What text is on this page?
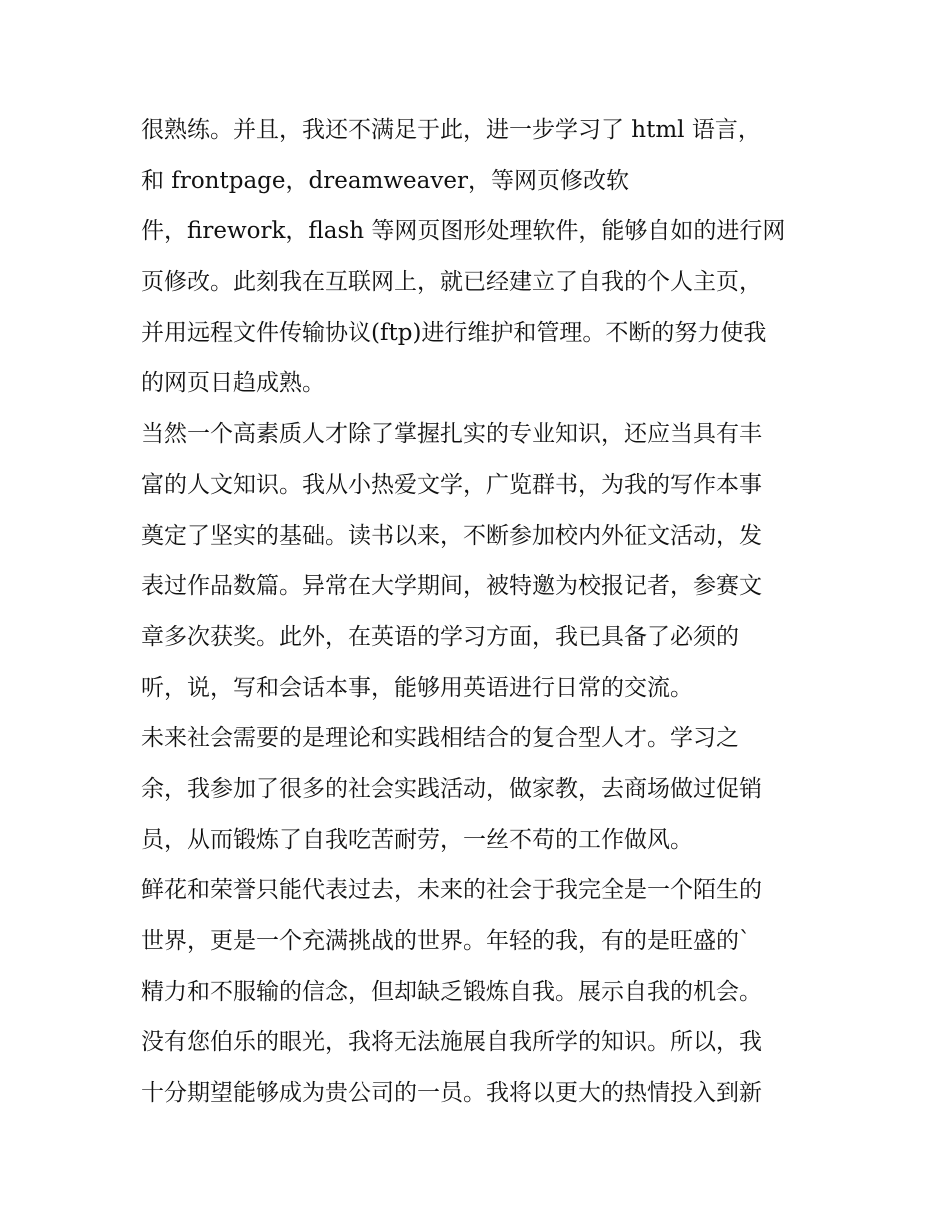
很熟练。并且，我还不满足于此，进一步学习了 html 语言，
和 frontpage，dreamweaver，等网页修改软
件，firework，flash 等网页图形处理软件，能够自如的进行网
页修改。此刻我在互联网上，就已经建立了自我的个人主页，
并用远程文件传输协议(ftp)进行维护和管理。不断的努力使我
的网页日趋成熟。
当然一个高素质人才除了掌握扎实的专业知识，还应当具有丰
富的人文知识。我从小热爱文学，广览群书，为我的写作本事
奠定了坚实的基础。读书以来，不断参加校内外征文活动，发
表过作品数篇。异常在大学期间，被特邀为校报记者，参赛文
章多次获奖。此外，在英语的学习方面，我已具备了必须的
听，说，写和会话本事，能够用英语进行日常的交流。
未来社会需要的是理论和实践相结合的复合型人才。学习之
余，我参加了很多的社会实践活动，做家教，去商场做过促销
员，从而锻炼了自我吃苦耐劳，一丝不苟的工作做风。
鲜花和荣誉只能代表过去，未来的社会于我完全是一个陌生的
世界，更是一个充满挑战的世界。年轻的我，有的是旺盛的`
精力和不服输的信念，但却缺乏锻炼自我。展示自我的机会。
没有您伯乐的眼光，我将无法施展自我所学的知识。所以，我
十分期望能够成为贵公司的一员。我将以更大的热情投入到新
